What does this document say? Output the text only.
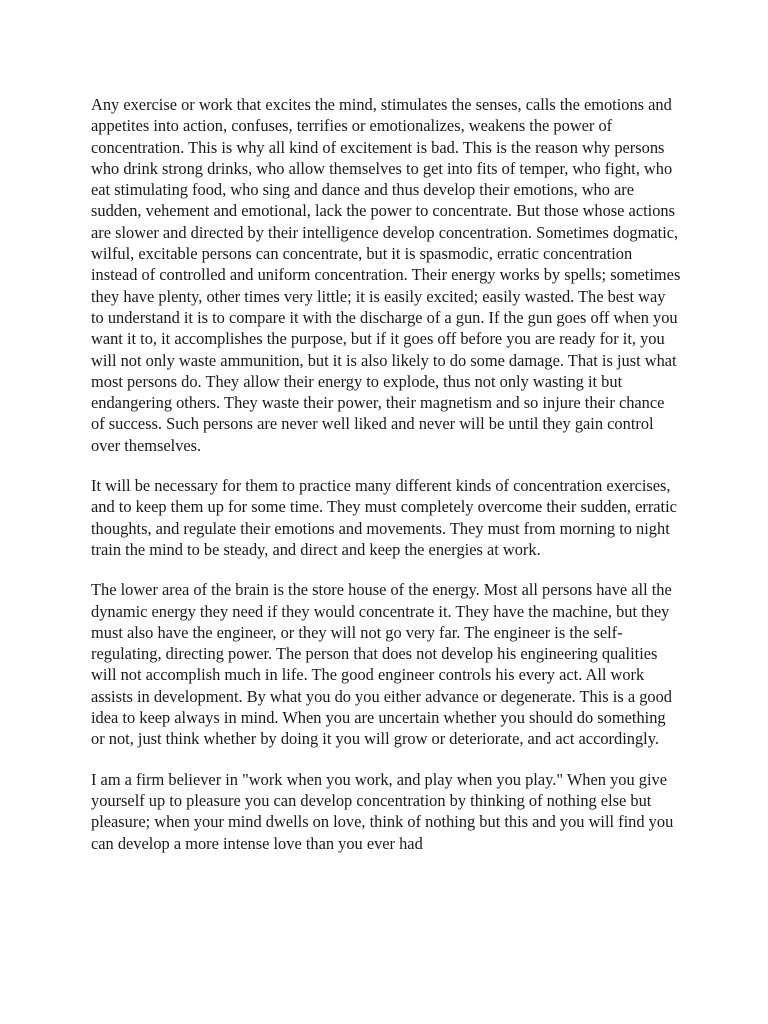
Any exercise or work that excites the mind, stimulates the senses, calls the emotions and appetites into action, confuses, terrifies or emotionalizes, weakens the power of concentration. This is why all kind of excitement is bad. This is the reason why persons who drink strong drinks, who allow themselves to get into fits of temper, who fight, who eat stimulating food, who sing and dance and thus develop their emotions, who are sudden, vehement and emotional, lack the power to concentrate. But those whose actions are slower and directed by their intelligence develop concentration. Sometimes dogmatic, wilful, excitable persons can concentrate, but it is spasmodic, erratic concentration instead of controlled and uniform concentration. Their energy works by spells; sometimes they have plenty, other times very little; it is easily excited; easily wasted. The best way to understand it is to compare it with the discharge of a gun. If the gun goes off when you want it to, it accomplishes the purpose, but if it goes off before you are ready for it, you will not only waste ammunition, but it is also likely to do some damage. That is just what most persons do. They allow their energy to explode, thus not only wasting it but endangering others. They waste their power, their magnetism and so injure their chance of success. Such persons are never well liked and never will be until they gain control over themselves.

It will be necessary for them to practice many different kinds of concentration exercises, and to keep them up for some time. They must completely overcome their sudden, erratic thoughts, and regulate their emotions and movements. They must from morning to night train the mind to be steady, and direct and keep the energies at work.

The lower area of the brain is the store house of the energy. Most all persons have all the dynamic energy they need if they would concentrate it. They have the machine, but they must also have the engineer, or they will not go very far. The engineer is the self-regulating, directing power. The person that does not develop his engineering qualities will not accomplish much in life. The good engineer controls his every act. All work assists in development. By what you do you either advance or degenerate. This is a good idea to keep always in mind. When you are uncertain whether you should do something or not, just think whether by doing it you will grow or deteriorate, and act accordingly.

I am a firm believer in "work when you work, and play when you play." When you give yourself up to pleasure you can develop concentration by thinking of nothing else but pleasure; when your mind dwells on love, think of nothing but this and you will find you can develop a more intense love than you ever had
